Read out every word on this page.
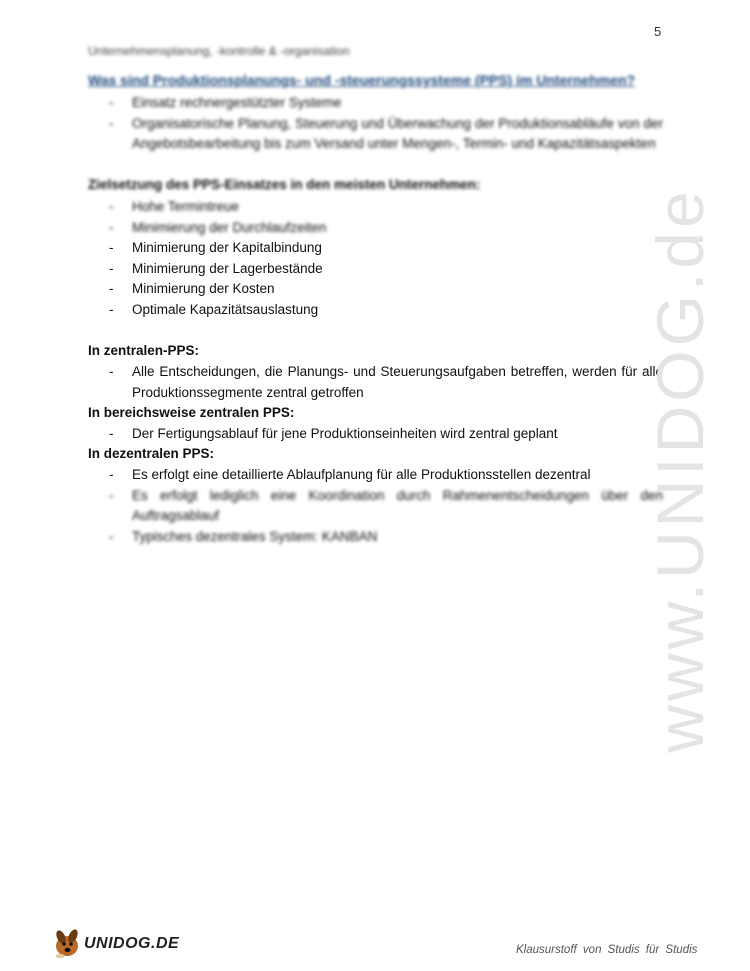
5
Unternehmensplanung, -kontrolle & -organisation
Was sind Produktionsplanungs- und -steuerungssysteme (PPS) im Unternehmen?
- Einsatz rechnergestützter Systeme
- Organisatorische Planung, Steuerung und Überwachung der Produktionsabläufe von der Angebotsbearbeitung bis zum Versand unter Mengen-, Termin- und Kapazitätsaspekten
Zielsetzung des PPS-Einsatzes in den meisten Unternehmen:
- Hohe Termintreue
- Minimierung der Durchlaufzeiten
- Minimierung der Kapitalbindung
- Minimierung der Lagerbestände
- Minimierung der Kosten
- Optimale Kapazitätsauslastung
In zentralen-PPS:
- Alle Entscheidungen, die Planungs- und Steuerungsaufgaben betreffen, werden für alle Produktionssegmente zentral getroffen
In bereichsweise zentralen PPS:
- Der Fertigungsablauf für jene Produktionseinheiten wird zentral geplant
In dezentralen PPS:
- Es erfolgt eine detaillierte Ablaufplanung für alle Produktionsstellen dezentral
- Es erfolgt lediglich eine Koordination durch Rahmenentscheidungen über den Auftragsablauf
- Typisches dezentrales System: KANBAN	www.UNIDOG.de
UNIDOG.DE	Klausurstoff von Studis für Studis
